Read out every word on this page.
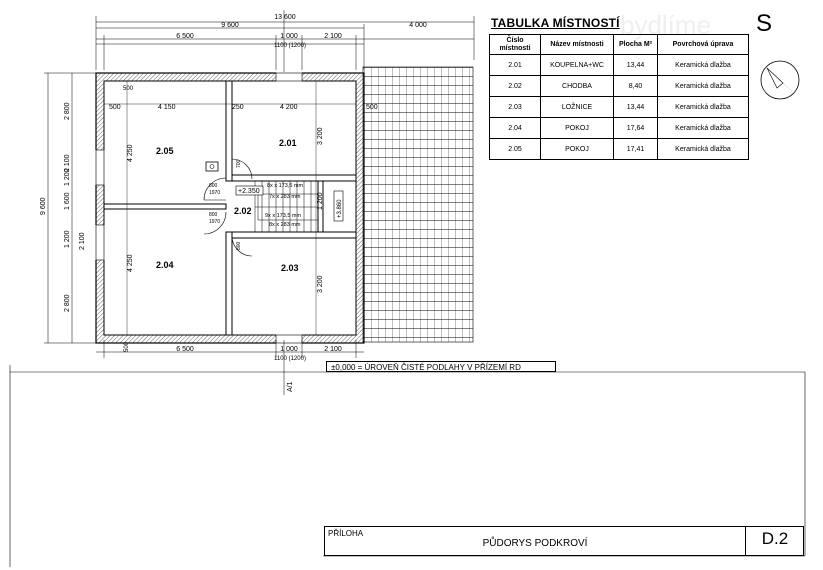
+2.350
+3.860
2.05
2.01
2.02
2.04	2.03
8x x 173,5 mm 7x x 283 mm
9x x 173,5 mm 8x x 283 mm
800
1970
800
1970
700
800
13 600
9 600	4 000
6 500	1 000	2 100
1100 (1200)
500
6 500	1 000	2 100
1100 (1200)
500
A/1
9 600
2 800
2 100
1 200
1 600
1 200 2 100
2 800
500	4 150	250	4 200	500
4 250
4 250
3 200
3 200
1 200
bydlíme	S
TABULKA MÍSTNOSTÍ
Číslo místnosti	Název místnosti	Plocha M²	Povrchová úprava
2.01	KOUPELNA+WC	13,44	Keramická dlažba
2.02	CHODBA	8,40	Keramická dlažba
2.03	LOŽNICE	13,44	Keramická dlažba
2.04	POKOJ	17,64	Keramická dlažba
2.05	POKOJ	17,41	Keramická dlažba
±0,000 = ÚROVEŇ ČISTÉ PODLAHY V PŘÍZEMÍ RD
PŘÍLOHA
PŮDORYS PODKROVÍ	D.2
